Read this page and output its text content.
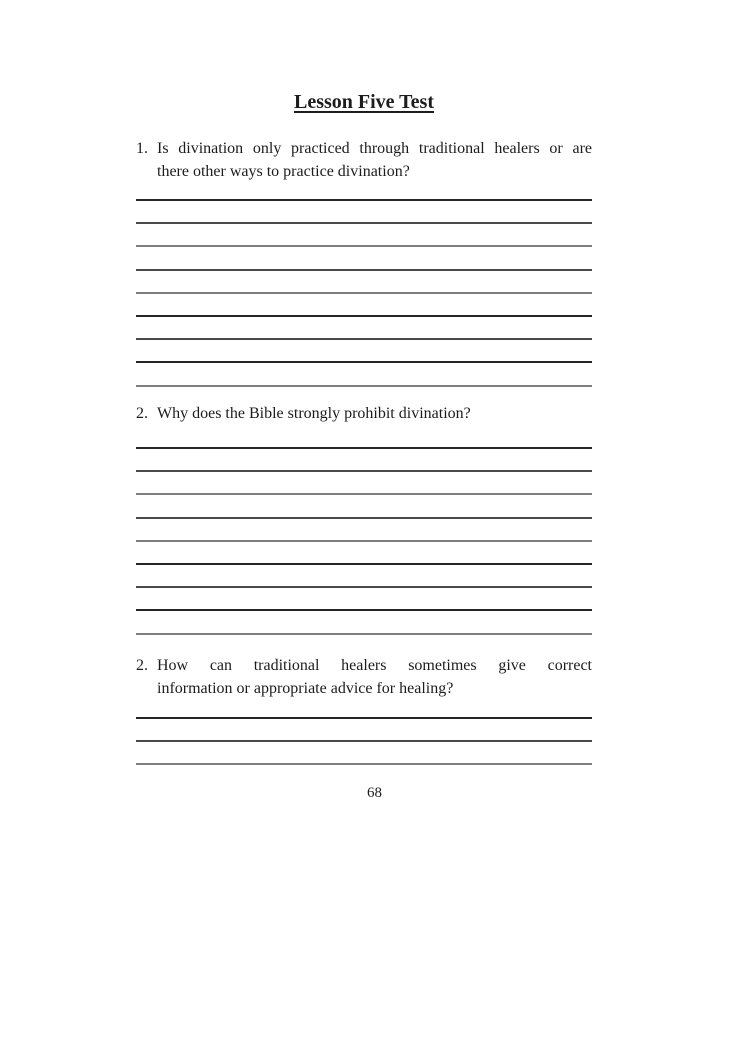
Lesson Five Test
1. Is divination only practiced through traditional healers or are
there other ways to practice divination?
2. Why does the Bible strongly prohibit divination?
2. How can traditional healers sometimes give correct
information or appropriate advice for healing?
68
